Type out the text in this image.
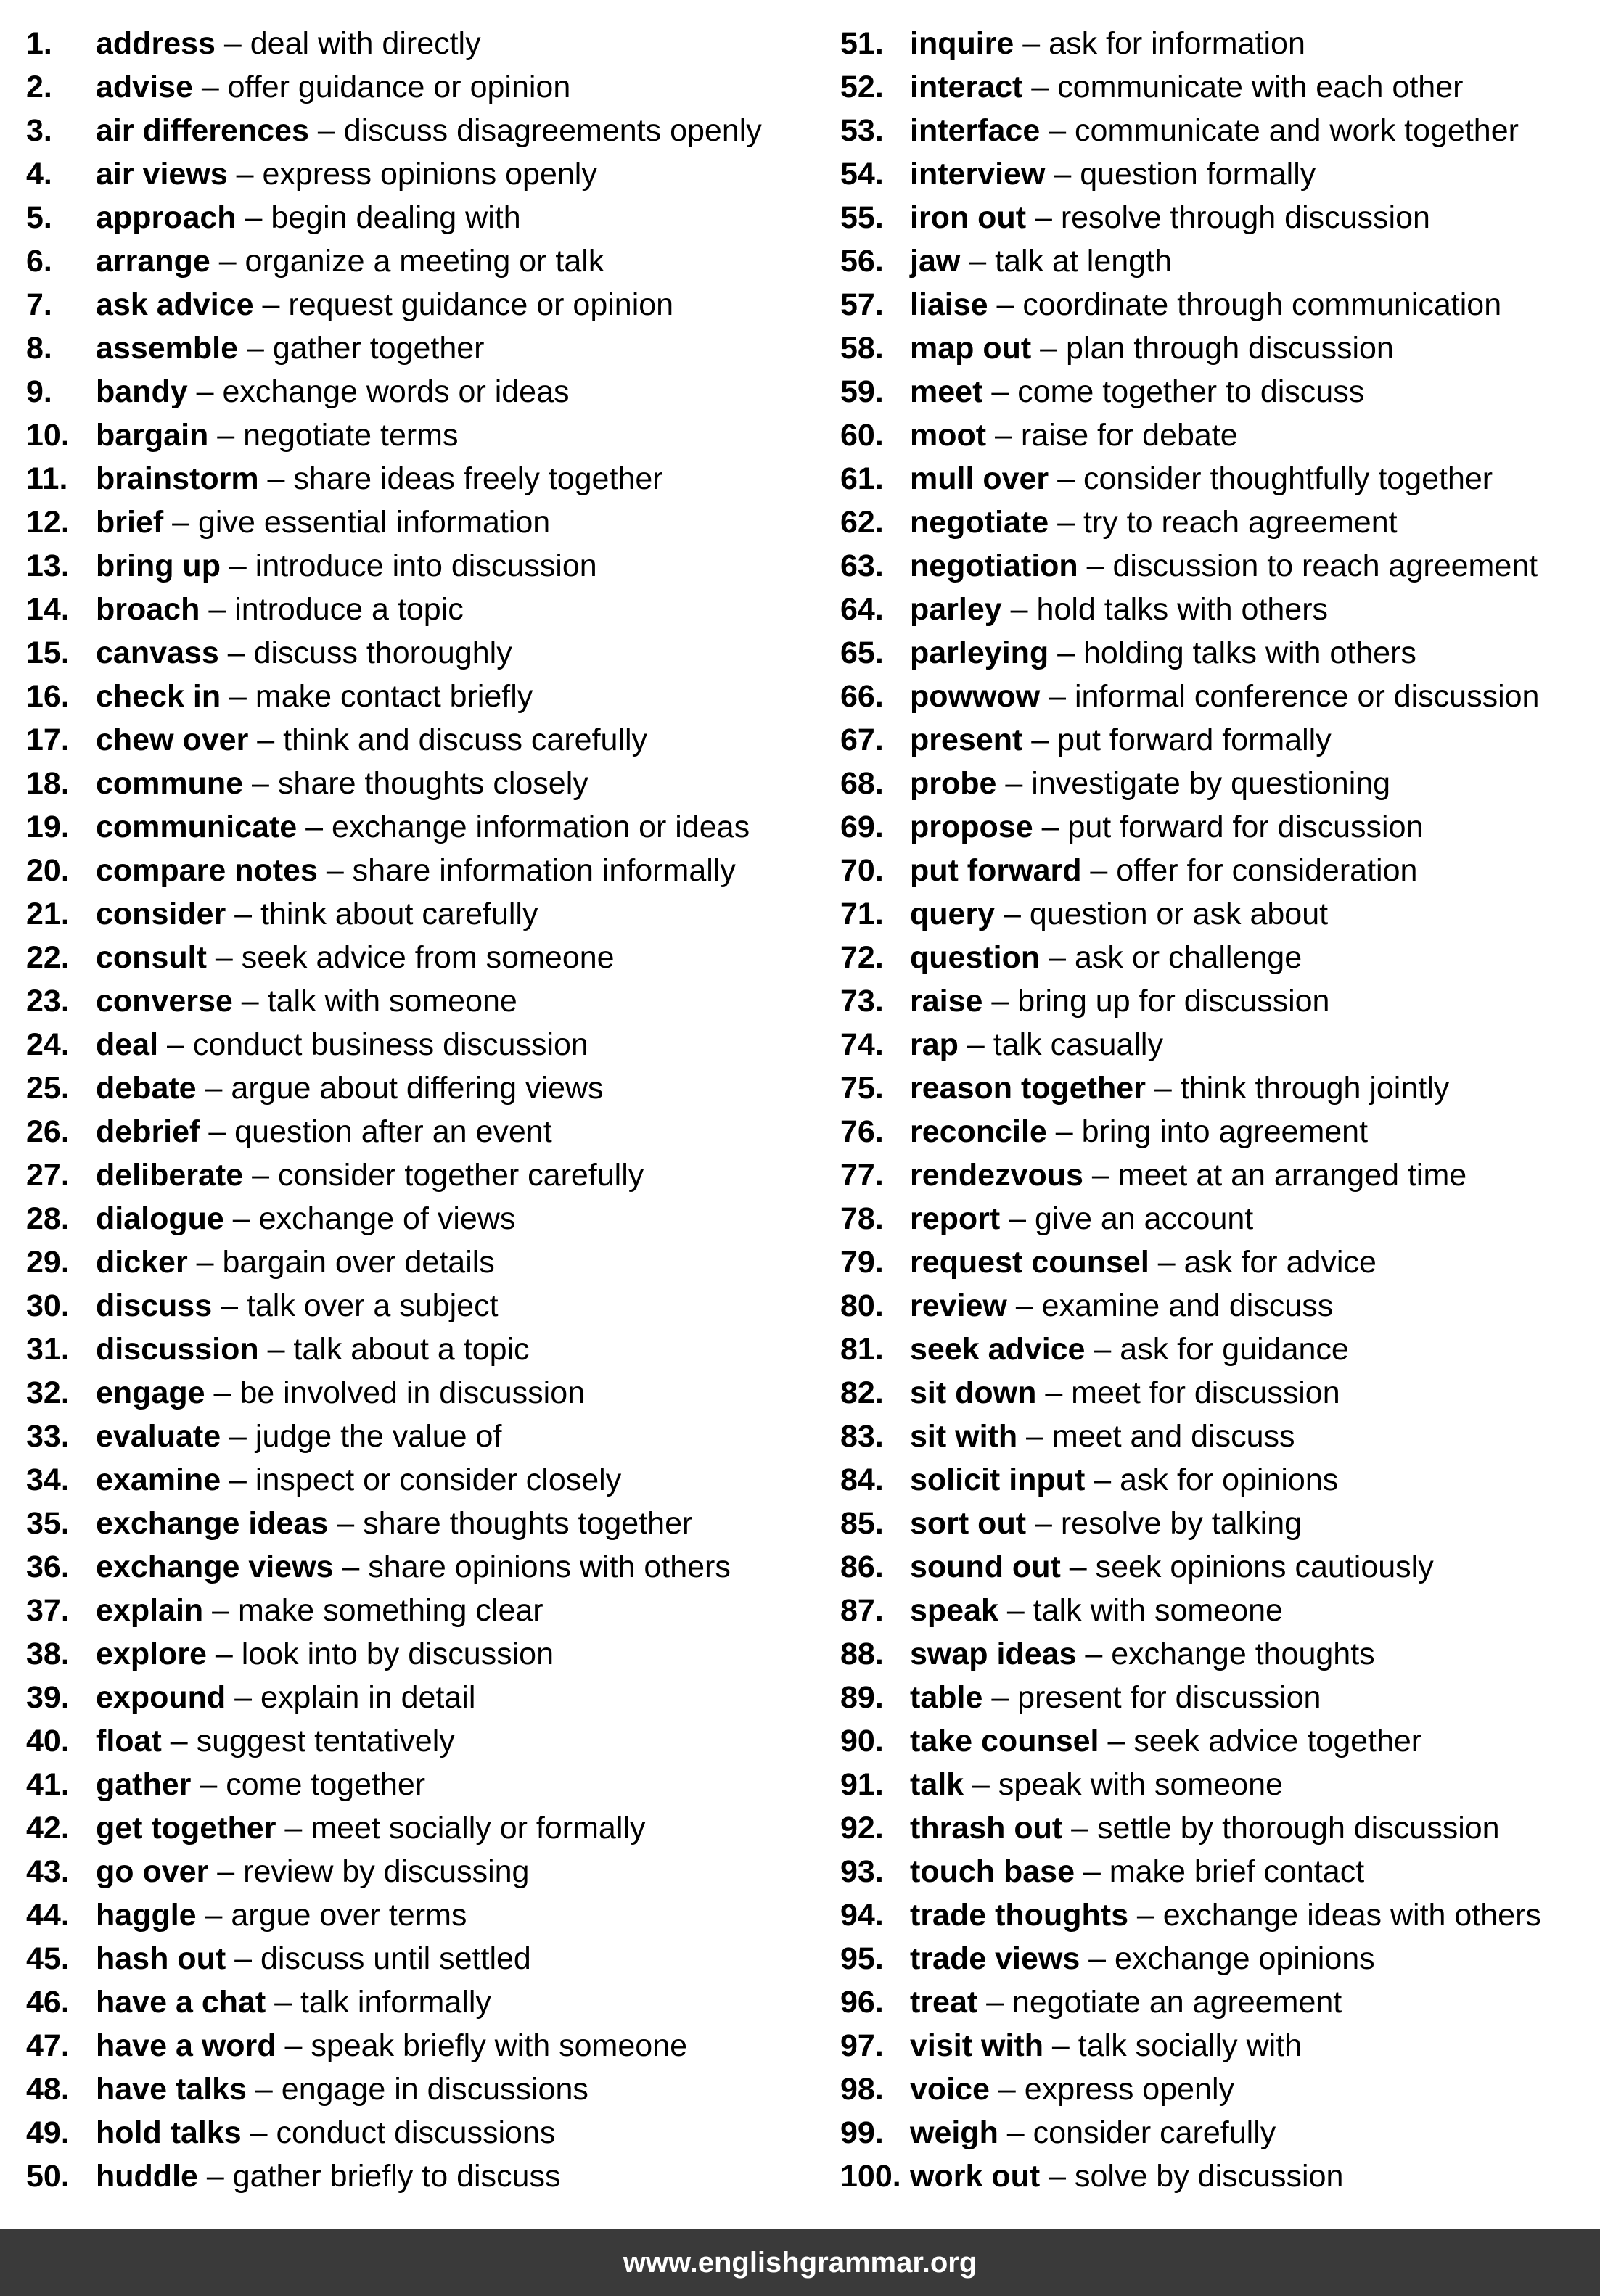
1. address – deal with directly
2. advise – offer guidance or opinion
3. air differences – discuss disagreements openly
4. air views – express opinions openly
5. approach – begin dealing with
6. arrange – organize a meeting or talk
7. ask advice – request guidance or opinion
8. assemble – gather together
9. bandy – exchange words or ideas
10. bargain – negotiate terms
11. brainstorm – share ideas freely together
12. brief – give essential information
13. bring up – introduce into discussion
14. broach – introduce a topic
15. canvass – discuss thoroughly
16. check in – make contact briefly
17. chew over – think and discuss carefully
18. commune – share thoughts closely
19. communicate – exchange information or ideas
20. compare notes – share information informally
21. consider – think about carefully
22. consult – seek advice from someone
23. converse – talk with someone
24. deal – conduct business discussion
25. debate – argue about differing views
26. debrief – question after an event
27. deliberate – consider together carefully
28. dialogue – exchange of views
29. dicker – bargain over details
30. discuss – talk over a subject
31. discussion – talk about a topic
32. engage – be involved in discussion
33. evaluate – judge the value of
34. examine – inspect or consider closely
35. exchange ideas – share thoughts together
36. exchange views – share opinions with others
37. explain – make something clear
38. explore – look into by discussion
39. expound – explain in detail
40. float – suggest tentatively
41. gather – come together
42. get together – meet socially or formally
43. go over – review by discussing
44. haggle – argue over terms
45. hash out – discuss until settled
46. have a chat – talk informally
47. have a word – speak briefly with someone
48. have talks – engage in discussions
49. hold talks – conduct discussions
50. huddle – gather briefly to discuss
51. inquire – ask for information
52. interact – communicate with each other
53. interface – communicate and work together
54. interview – question formally
55. iron out – resolve through discussion
56. jaw – talk at length
57. liaise – coordinate through communication
58. map out – plan through discussion
59. meet – come together to discuss
60. moot – raise for debate
61. mull over – consider thoughtfully together
62. negotiate – try to reach agreement
63. negotiation – discussion to reach agreement
64. parley – hold talks with others
65. parleying – holding talks with others
66. powwow – informal conference or discussion
67. present – put forward formally
68. probe – investigate by questioning
69. propose – put forward for discussion
70. put forward – offer for consideration
71. query – question or ask about
72. question – ask or challenge
73. raise – bring up for discussion
74. rap – talk casually
75. reason together – think through jointly
76. reconcile – bring into agreement
77. rendezvous – meet at an arranged time
78. report – give an account
79. request counsel – ask for advice
80. review – examine and discuss
81. seek advice – ask for guidance
82. sit down – meet for discussion
83. sit with – meet and discuss
84. solicit input – ask for opinions
85. sort out – resolve by talking
86. sound out – seek opinions cautiously
87. speak – talk with someone
88. swap ideas – exchange thoughts
89. table – present for discussion
90. take counsel – seek advice together
91. talk – speak with someone
92. thrash out – settle by thorough discussion
93. touch base – make brief contact
94. trade thoughts – exchange ideas with others
95. trade views – exchange opinions
96. treat – negotiate an agreement
97. visit with – talk socially with
98. voice – express openly
99. weigh – consider carefully
100. work out – solve by discussion
www.englishgrammar.org
